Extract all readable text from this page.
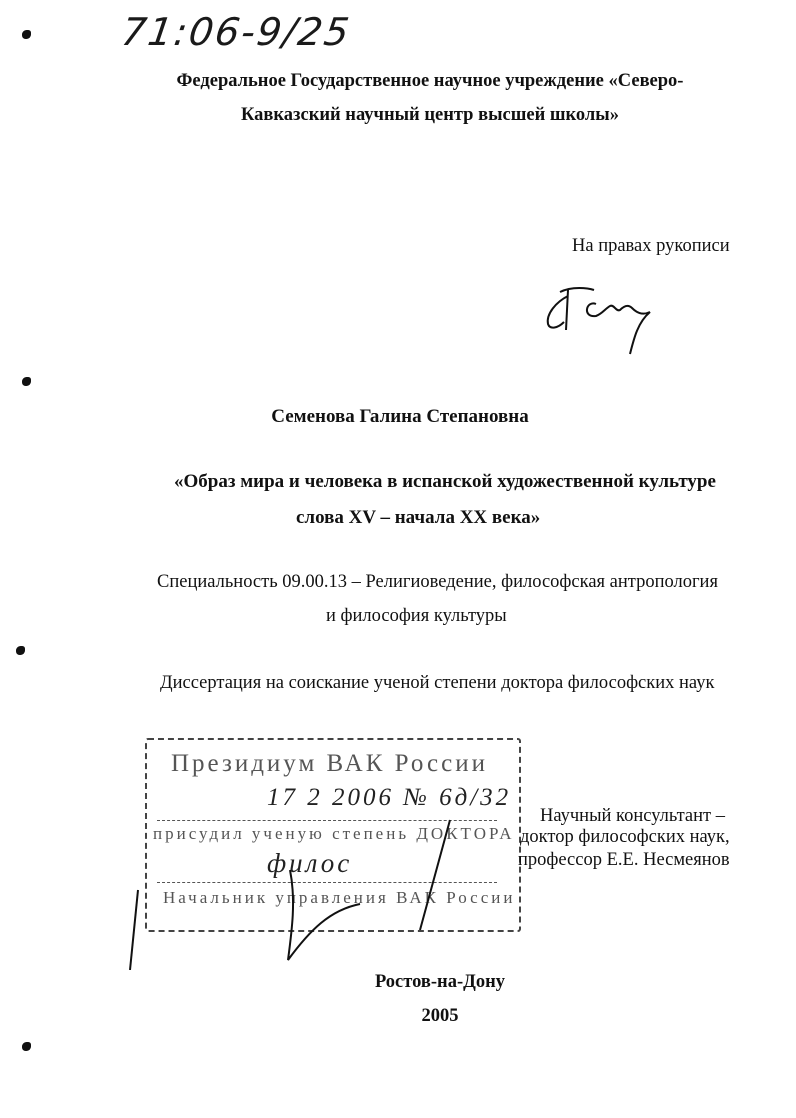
71:06-9/25
Федеральное Государственное научное учреждение «Северо-
Кавказский научный центр высшей школы»
На правах рукописи
Семенова Галина Степановна
«Образ мира и человека в испанской художественной культуре
слова XV – начала XX века»
Специальность 09.00.13 – Религиоведение, философская антропология
и философия культуры
Диссертация на соискание ученой степени доктора философских наук
Президиум ВАК России
17 2 2006 № 6д/32
присудил ученую степень ДОКТОРА
филос
Начальник управления ВАК России
Научный консультант –
доктор философских наук,
профессор Е.Е. Несмеянов
Ростов-на-Дону
2005
